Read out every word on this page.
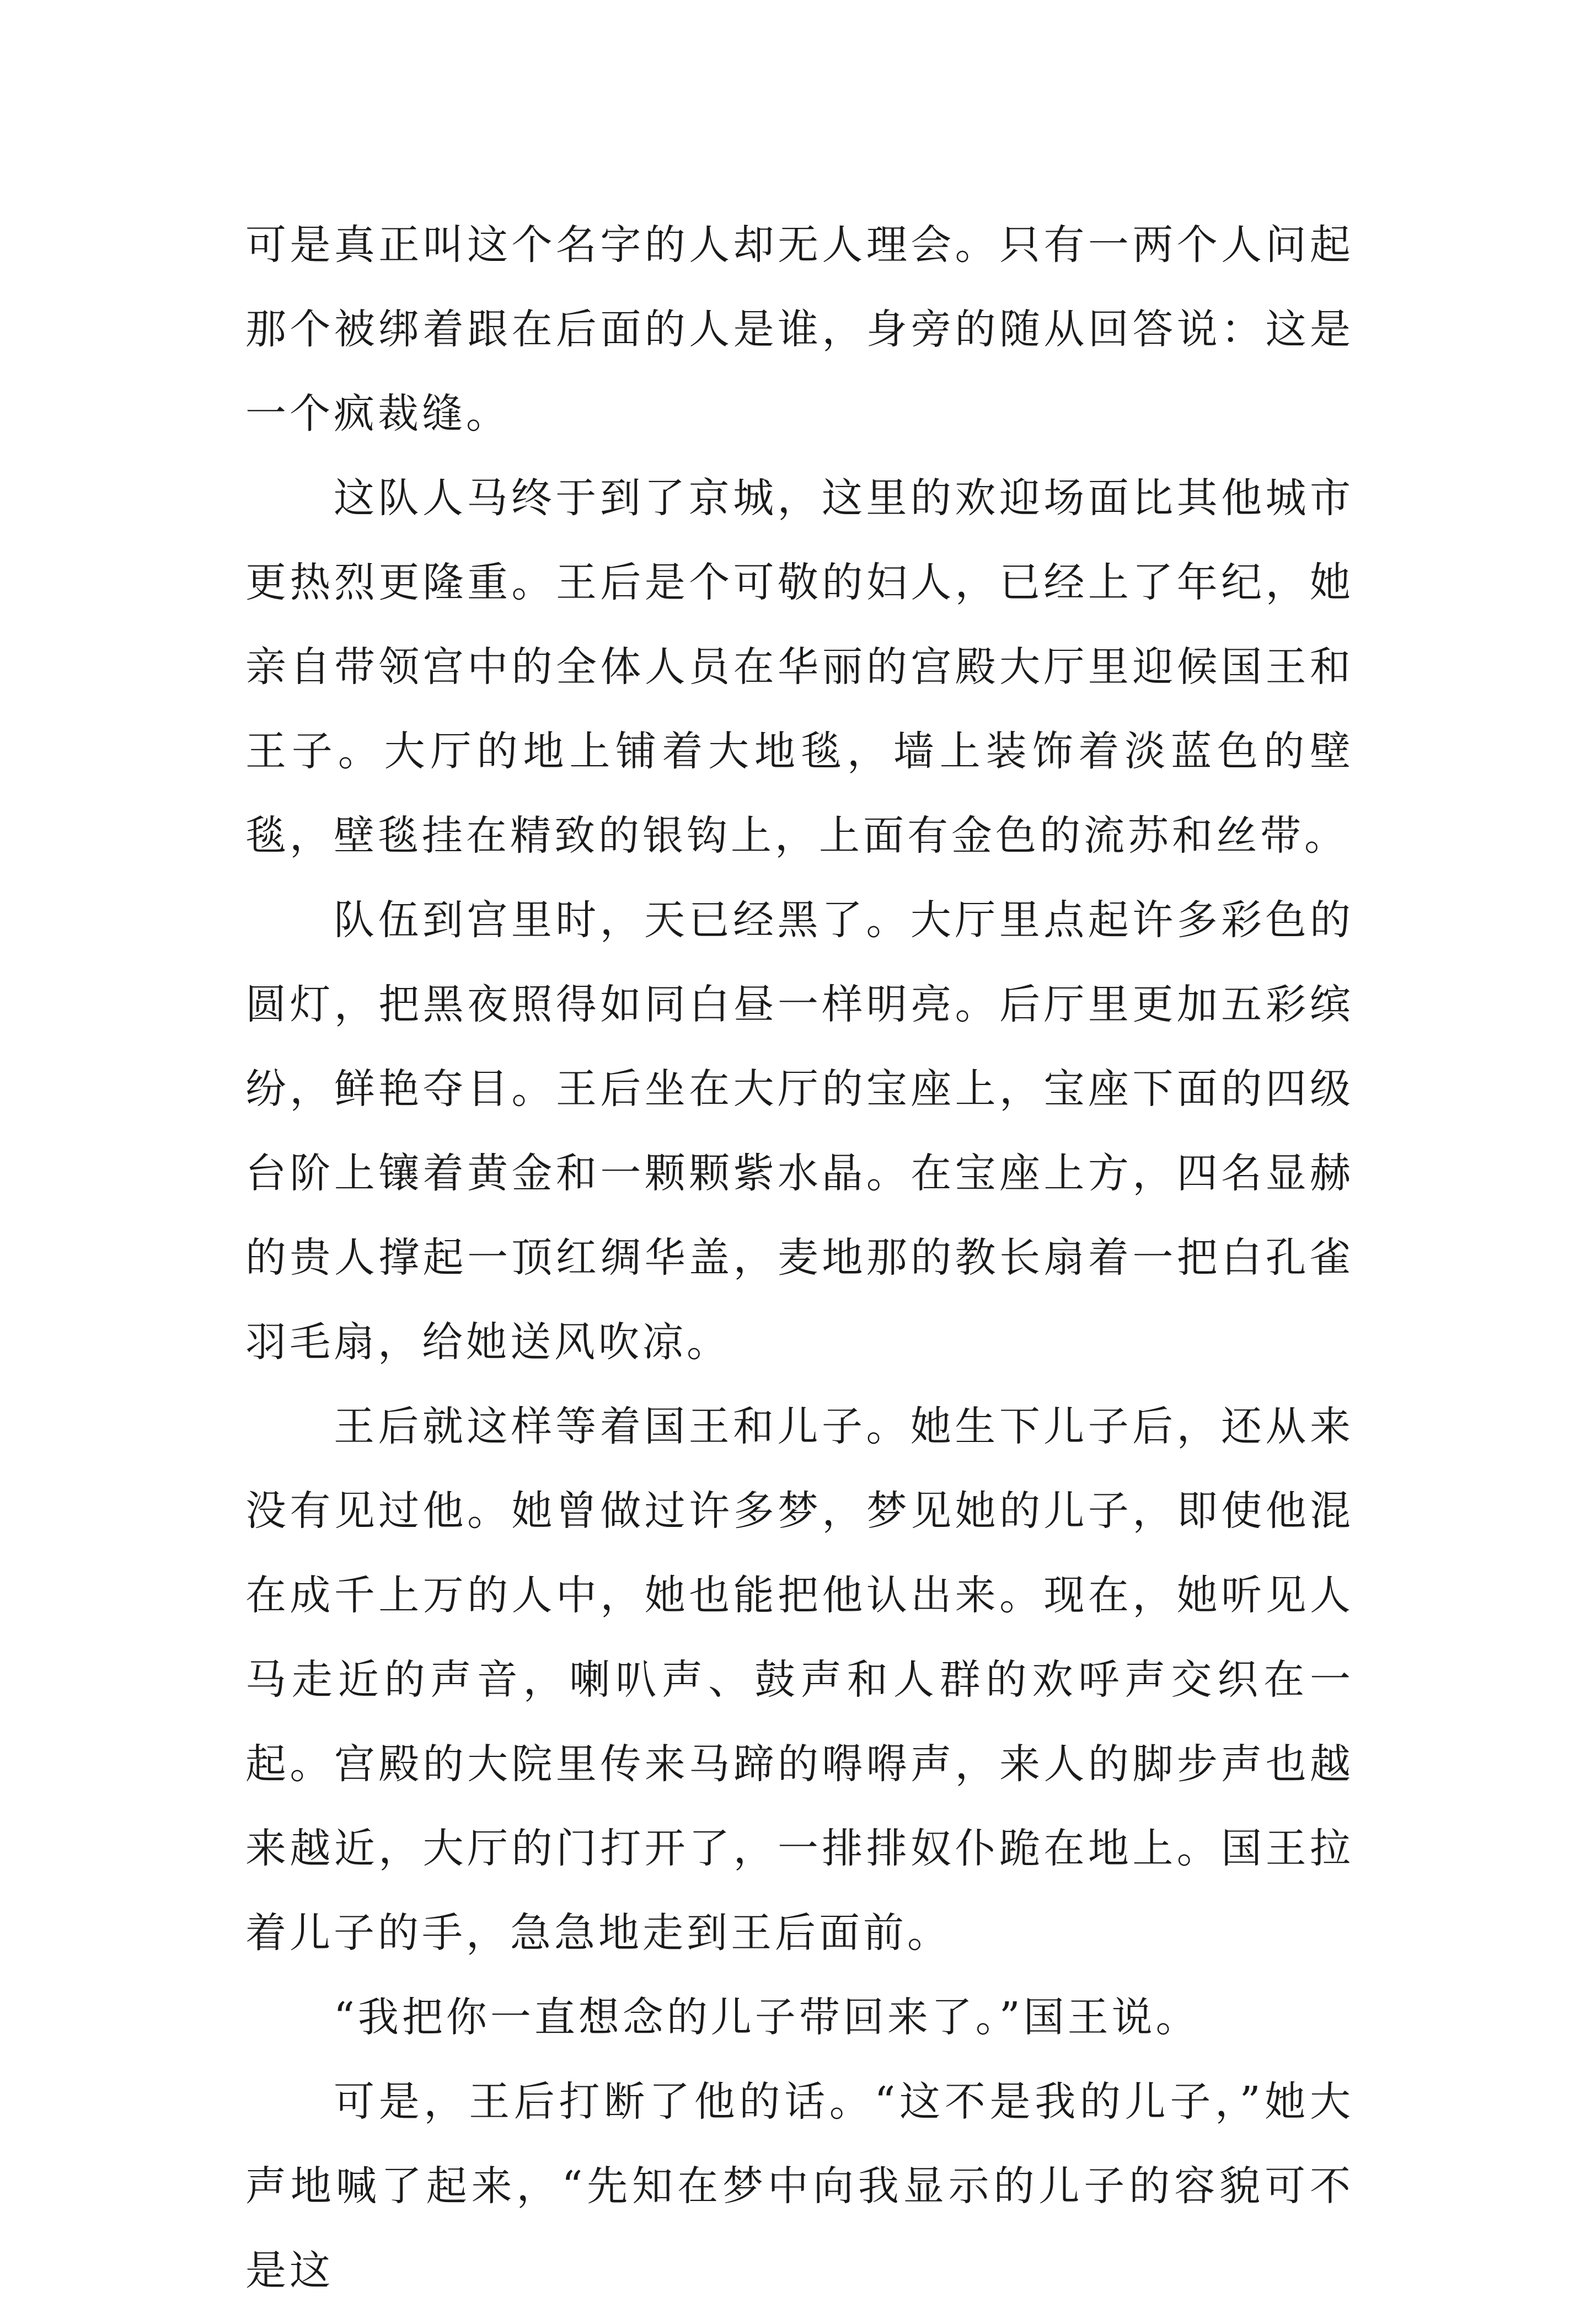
可是真正叫这个名字的人却无人理会。只有一两个人问起那个被绑着跟在后面的人是谁，身旁的随从回答说：这是一个疯裁缝。

这队人马终于到了京城，这里的欢迎场面比其他城市更热烈更隆重。王后是个可敬的妇人，已经上了年纪，她亲自带领宫中的全体人员在华丽的宫殿大厅里迎候国王和王子。大厅的地上铺着大地毯，墙上装饰着淡蓝色的壁毯，壁毯挂在精致的银钩上，上面有金色的流苏和丝带。

队伍到宫里时，天已经黑了。大厅里点起许多彩色的圆灯，把黑夜照得如同白昼一样明亮。后厅里更加五彩缤纷，鲜艳夺目。王后坐在大厅的宝座上，宝座下面的四级台阶上镶着黄金和一颗颗紫水晶。在宝座上方，四名显赫的贵人撑起一顶红绸华盖，麦地那的教长扇着一把白孔雀羽毛扇，给她送风吹凉。

王后就这样等着国王和儿子。她生下儿子后，还从来没有见过他。她曾做过许多梦，梦见她的儿子，即使他混在成千上万的人中，她也能把他认出来。现在，她听见人马走近的声音，喇叭声、鼓声和人群的欢呼声交织在一起。宫殿的大院里传来马蹄的嘚嘚声，来人的脚步声也越来越近，大厅的门打开了，一排排奴仆跪在地上。国王拉着儿子的手，急急地走到王后面前。

“我把你一直想念的儿子带回来了。”国王说。

可是，王后打断了他的话。“这不是我的儿子，”她大声地喊了起来，“先知在梦中向我显示的儿子的容貌可不是这
